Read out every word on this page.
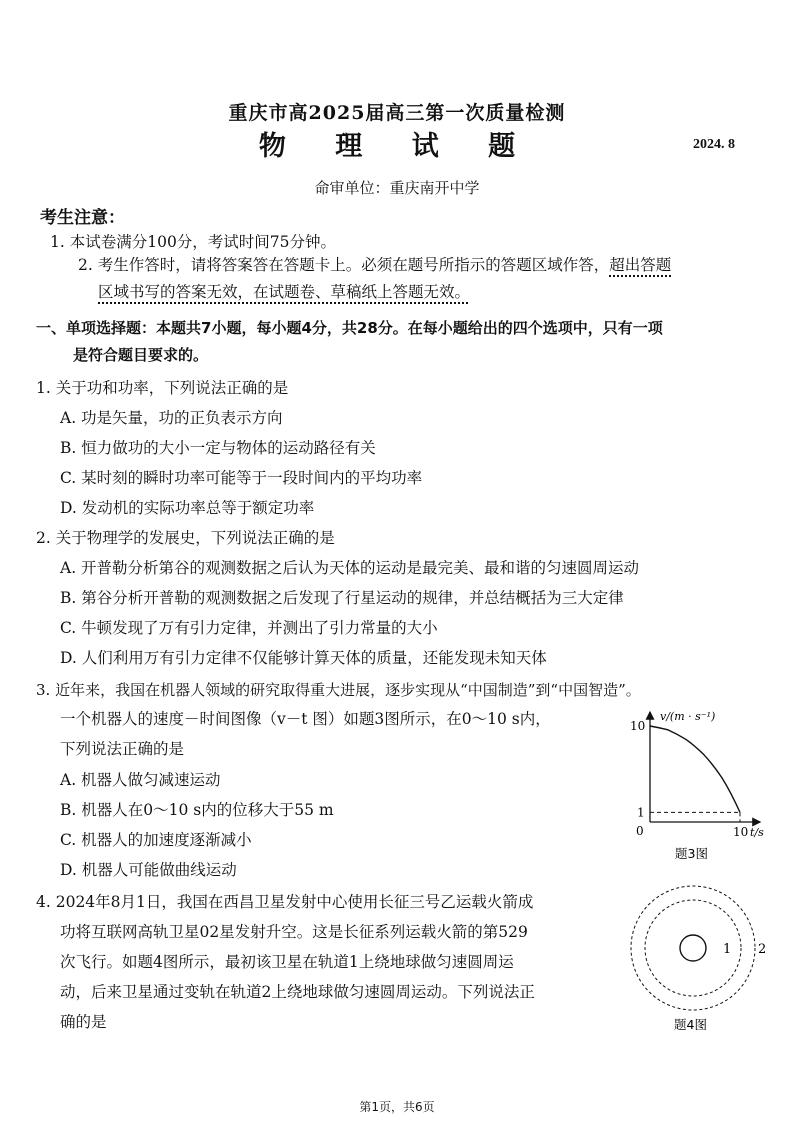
重庆市高2025届高三第一次质量检测
物 理 试 题	2024. 8
命审单位：重庆南开中学
考生注意：
1. 本试卷满分100分，考试时间75分钟。
2. 考生作答时，请将答案答在答题卡上。必须在题号所指示的答题区域作答，超出答题
区域书写的答案无效，在试题卷、草稿纸上答题无效。
一、单项选择题：本题共7小题，每小题4分，共28分。在每小题给出的四个选项中，只有一项
是符合题目要求的。
1. 关于功和功率，下列说法正确的是
A. 功是矢量，功的正负表示方向
B. 恒力做功的大小一定与物体的运动路径有关
C. 某时刻的瞬时功率可能等于一段时间内的平均功率
D. 发动机的实际功率总等于额定功率
2. 关于物理学的发展史，下列说法正确的是
A. 开普勒分析第谷的观测数据之后认为天体的运动是最完美、最和谐的匀速圆周运动
B. 第谷分析开普勒的观测数据之后发现了行星运动的规律，并总结概括为三大定律
C. 牛顿发现了万有引力定律，并测出了引力常量的大小
D. 人们利用万有引力定律不仅能够计算天体的质量，还能发现未知天体
3. 近年来，我国在机器人领域的研究取得重大进展，逐步实现从“中国制造”到“中国智造”。
一个机器人的速度－时间图像（v－t 图）如题3图所示，在0～10 s内，
下列说法正确的是
A. 机器人做匀减速运动
B. 机器人在0～10 s内的位移大于55 m
C. 机器人的加速度逐渐减小
D. 机器人可能做曲线运动
v/(m · s⁻¹)
t/s
0
10
1
10
题3图
4. 2024年8月1日，我国在西昌卫星发射中心使用长征三号乙运载火箭成
功将互联网高轨卫星02星发射升空。这是长征系列运载火箭的第529
次飞行。如题4图所示，最初该卫星在轨道1上绕地球做匀速圆周运
动，后来卫星通过变轨在轨道2上绕地球做匀速圆周运动。下列说法正
确的是
1 2
题4图
第1页，共6页
